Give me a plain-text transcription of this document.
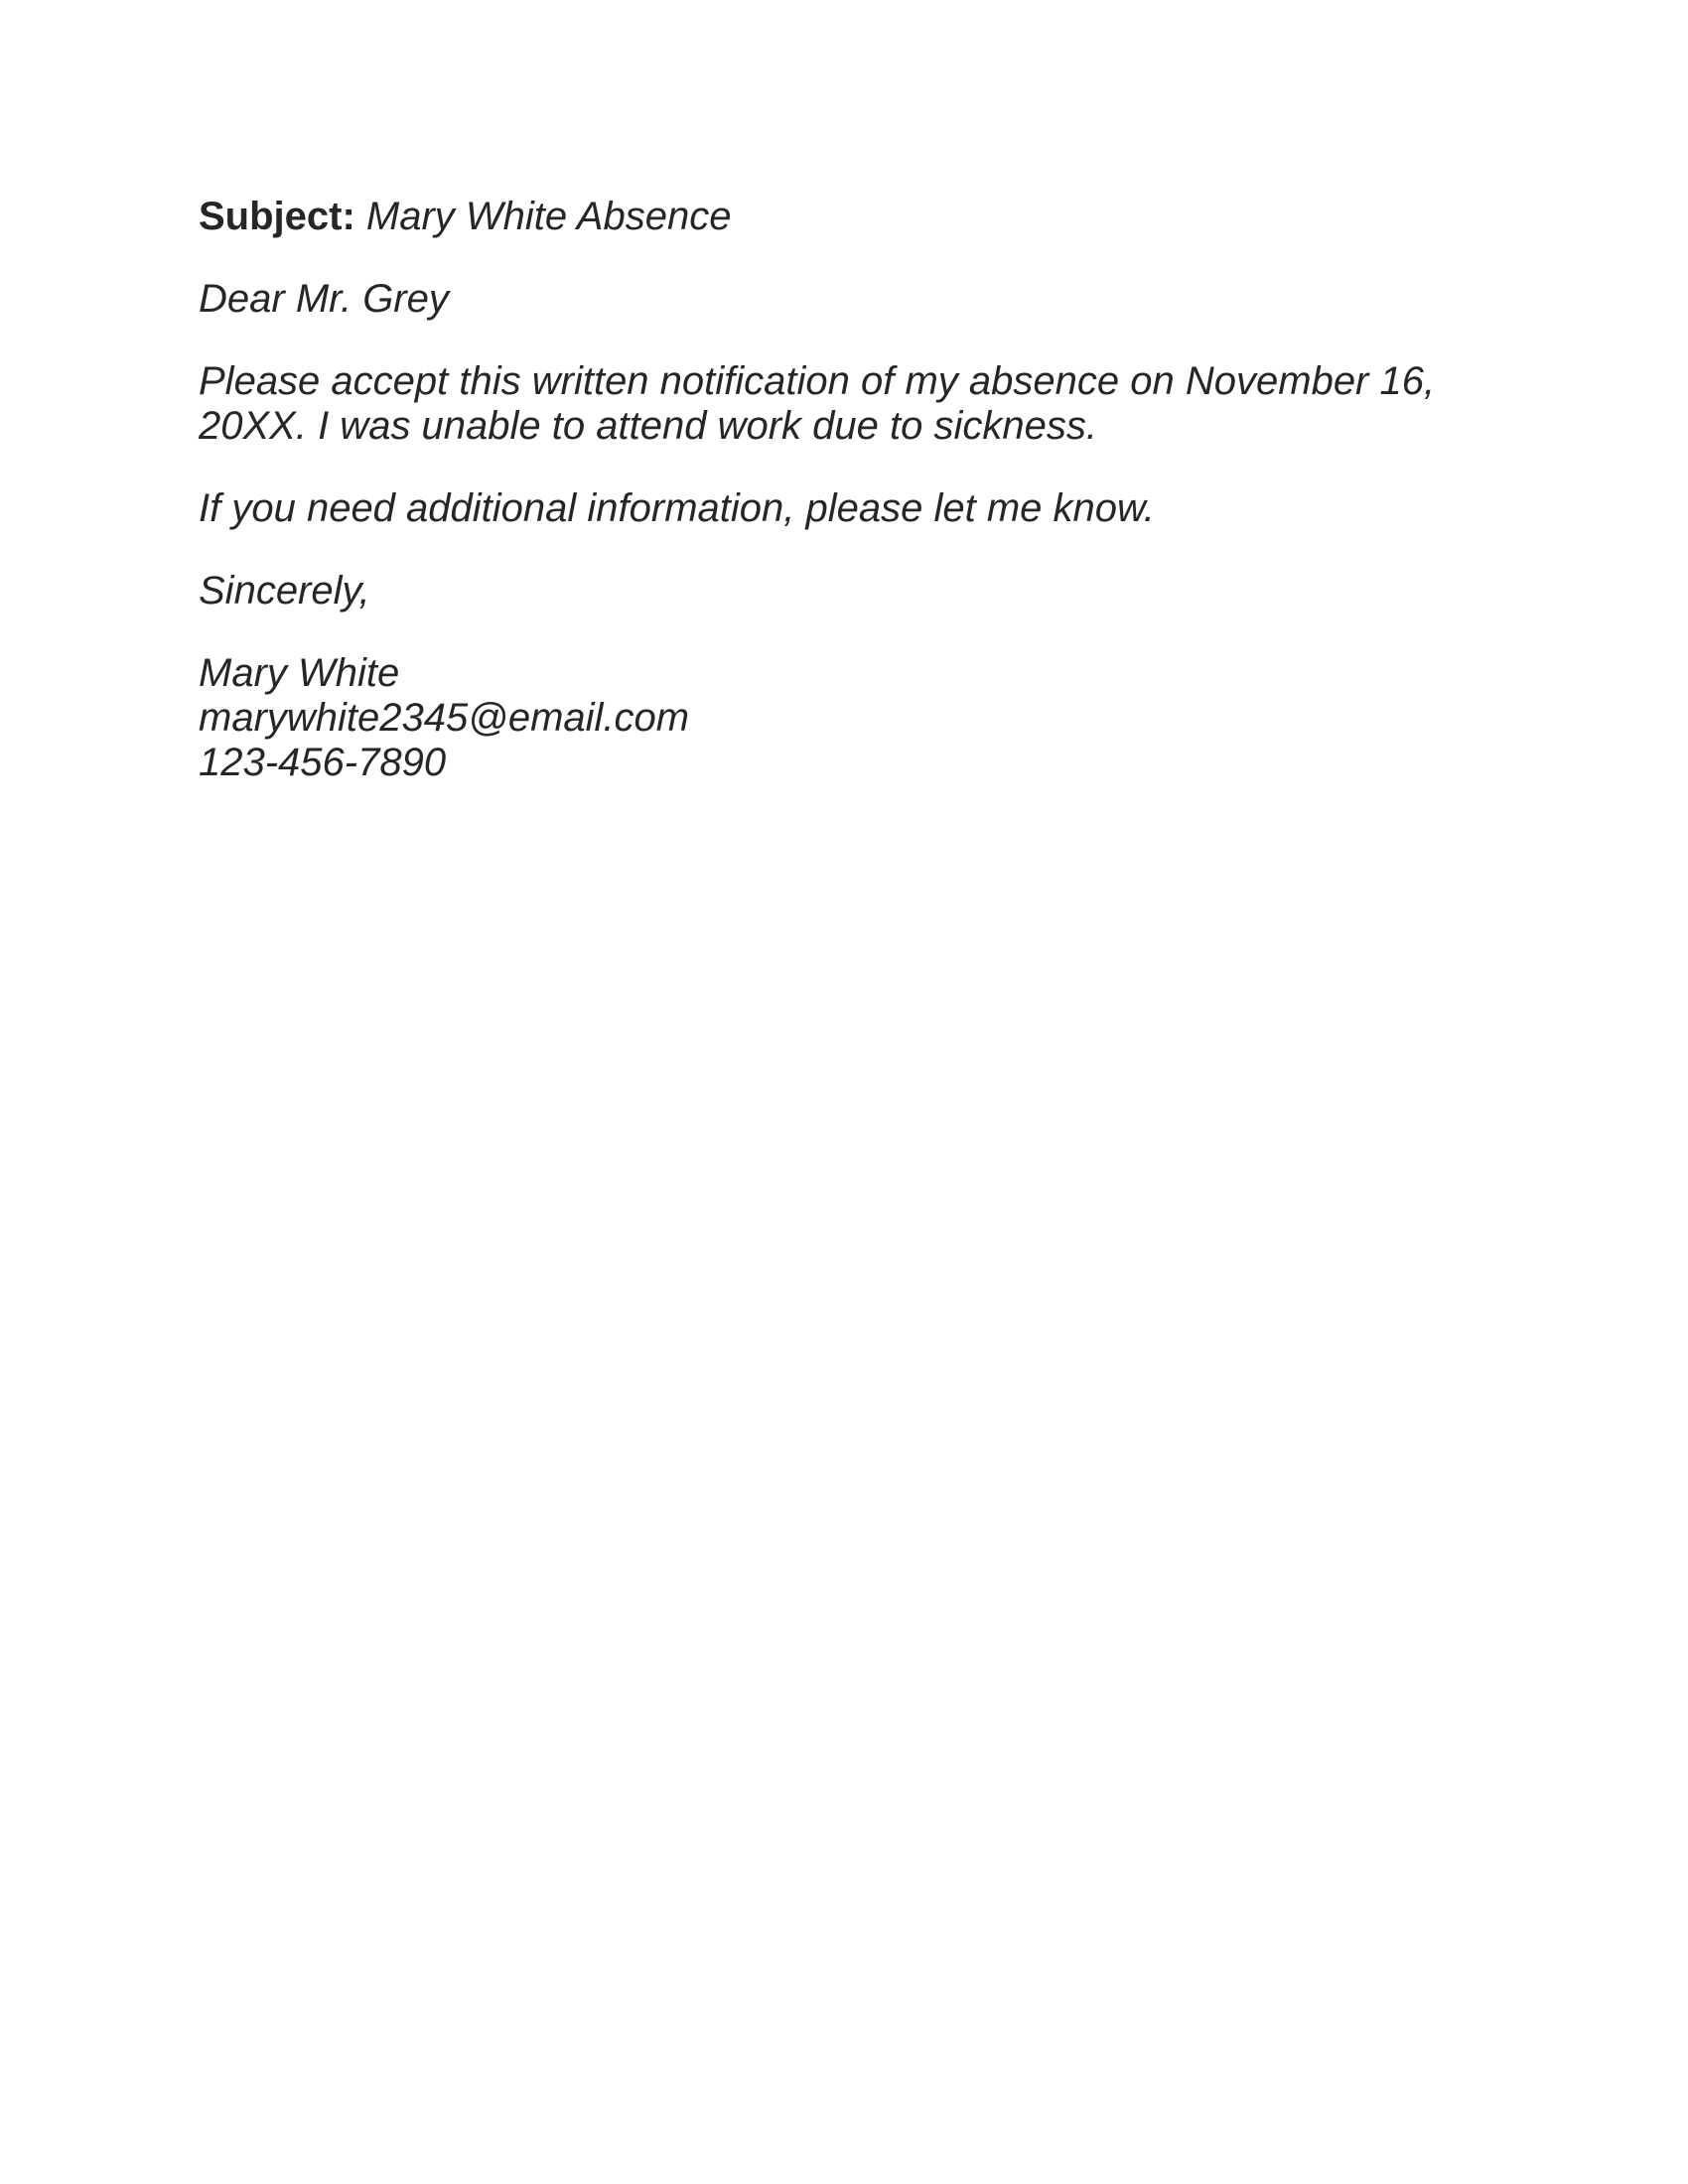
Subject: Mary White Absence

Dear Mr. Grey

Please accept this written notification of my absence on November 16,
20XX. I was unable to attend work due to sickness.

If you need additional information, please let me know.

Sincerely,

Mary White
marywhite2345@email.com
123-456-7890
